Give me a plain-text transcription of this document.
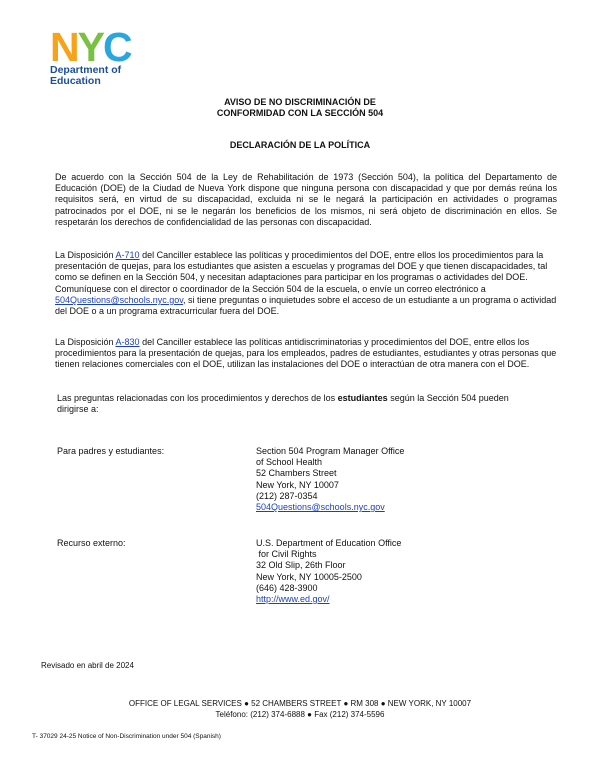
NYC
Department of
Education
AVISO DE NO DISCRIMINACIÓN DE
CONFORMIDAD CON LA SECCIÓN 504
DECLARACIÓN DE LA POLÍTICA
De acuerdo con la Sección 504 de la Ley de Rehabilitación de 1973 (Sección 504), la política del Departamento de Educación (DOE) de la Ciudad de Nueva York dispone que ninguna persona con discapacidad y que por demás reúna los requisitos será, en virtud de su discapacidad, excluida ni se le negará la participación en actividades o programas patrocinados por el DOE, ni se le negarán los beneficios de los mismos, ni será objeto de discriminación en ellos. Se respetarán los derechos de confidencialidad de las personas con discapacidad.
La Disposición A-710 del Canciller establece las políticas y procedimientos del DOE, entre ellos los procedimientos para la presentación de quejas, para los estudiantes que asisten a escuelas y programas del DOE y que tienen discapacidades, tal como se definen en la Sección 504, y necesitan adaptaciones para participar en los programas o actividades del DOE. Comuníquese con el director o coordinador de la Sección 504 de la escuela, o envíe un correo electrónico a 504Questions@schools.nyc.gov, si tiene preguntas o inquietudes sobre el acceso de un estudiante a un programa o actividad del DOE o a un programa extracurricular fuera del DOE.
La Disposición A-830 del Canciller establece las políticas antidiscriminatorias y procedimientos del DOE, entre ellos los procedimientos para la presentación de quejas, para los empleados, padres de estudiantes, estudiantes y otras personas que tienen relaciones comerciales con el DOE, utilizan las instalaciones del DOE o interactúan de otra manera con el DOE.
Las preguntas relacionadas con los procedimientos y derechos de los estudiantes según la Sección 504 pueden dirigirse a:
Para padres y estudiantes:	Section 504 Program Manager Office
of School Health
52 Chambers Street
New York, NY 10007
(212) 287-0354
504Questions@schools.nyc.gov
Recurso externo:	U.S. Department of Education Office
for Civil Rights
32 Old Slip, 26th Floor
New York, NY 10005-2500
(646) 428-3900
http://www.ed.gov/
Revisado en abril de 2024
OFFICE OF LEGAL SERVICES ● 52 CHAMBERS STREET ● RM 308 ● NEW YORK, NY 10007
Teléfono: (212) 374-6888 ● Fax (212) 374-5596
T- 37029 24-25 Notice of Non-Discrimination under 504 (Spanish)
